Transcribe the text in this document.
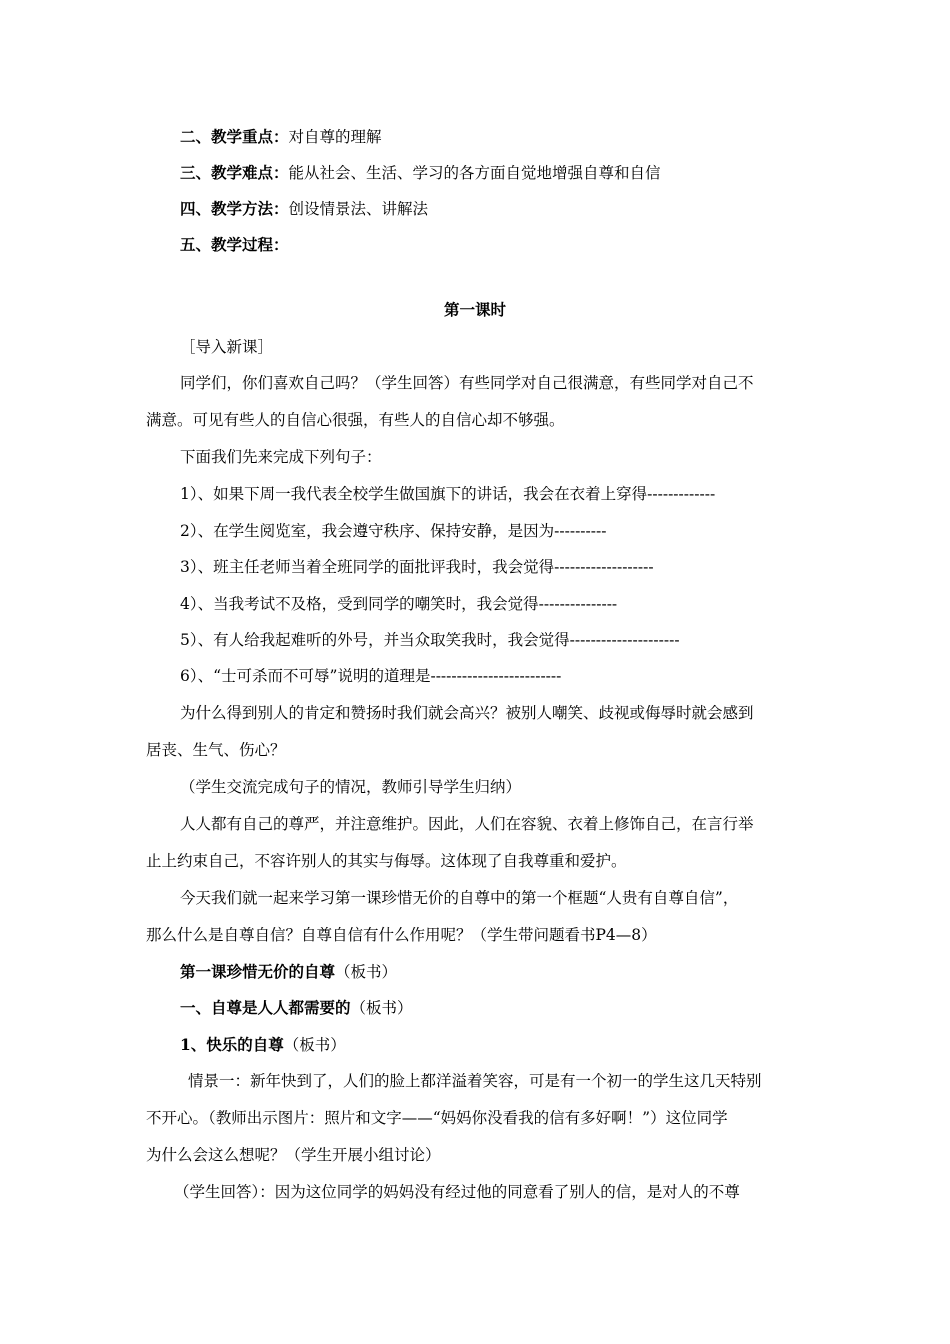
二、教学重点：对自尊的理解
三、教学难点：能从社会、生活、学习的各方面自觉地增强自尊和自信
四、教学方法：创设情景法、讲解法
五、教学过程：
第一课时
［导入新课］
同学们，你们喜欢自己吗？（学生回答）有些同学对自己很满意，有些同学对自己不
满意。可见有些人的自信心很强，有些人的自信心却不够强。
下面我们先来完成下列句子：
1）、如果下周一我代表全校学生做国旗下的讲话，我会在衣着上穿得-------------
2）、在学生阅览室，我会遵守秩序、保持安静，是因为----------
3）、班主任老师当着全班同学的面批评我时，我会觉得-------------------
4）、当我考试不及格，受到同学的嘲笑时，我会觉得---------------
5）、有人给我起难听的外号，并当众取笑我时，我会觉得---------------------
6）、“士可杀而不可辱”说明的道理是-------------------------
为什么得到别人的肯定和赞扬时我们就会高兴？被别人嘲笑、歧视或侮辱时就会感到
居丧、生气、伤心？
（学生交流完成句子的情况，教师引导学生归纳）
人人都有自己的尊严，并注意维护。因此，人们在容貌、衣着上修饰自己，在言行举
止上约束自己，不容许别人的其实与侮辱。这体现了自我尊重和爱护。
今天我们就一起来学习第一课珍惜无价的自尊中的第一个框题“人贵有自尊自信”，
那么什么是自尊自信？自尊自信有什么作用呢？（学生带问题看书P4—8）
第一课珍惜无价的自尊（板书）
一、自尊是人人都需要的（板书）
1、快乐的自尊（板书）
情景一：新年快到了，人们的脸上都洋溢着笑容，可是有一个初一的学生这几天特别
不开心。（教师出示图片：照片和文字——“妈妈你没看我的信有多好啊！”）这位同学
为什么会这么想呢？（学生开展小组讨论）
（学生回答）：因为这位同学的妈妈没有经过他的同意看了别人的信，是对人的不尊
